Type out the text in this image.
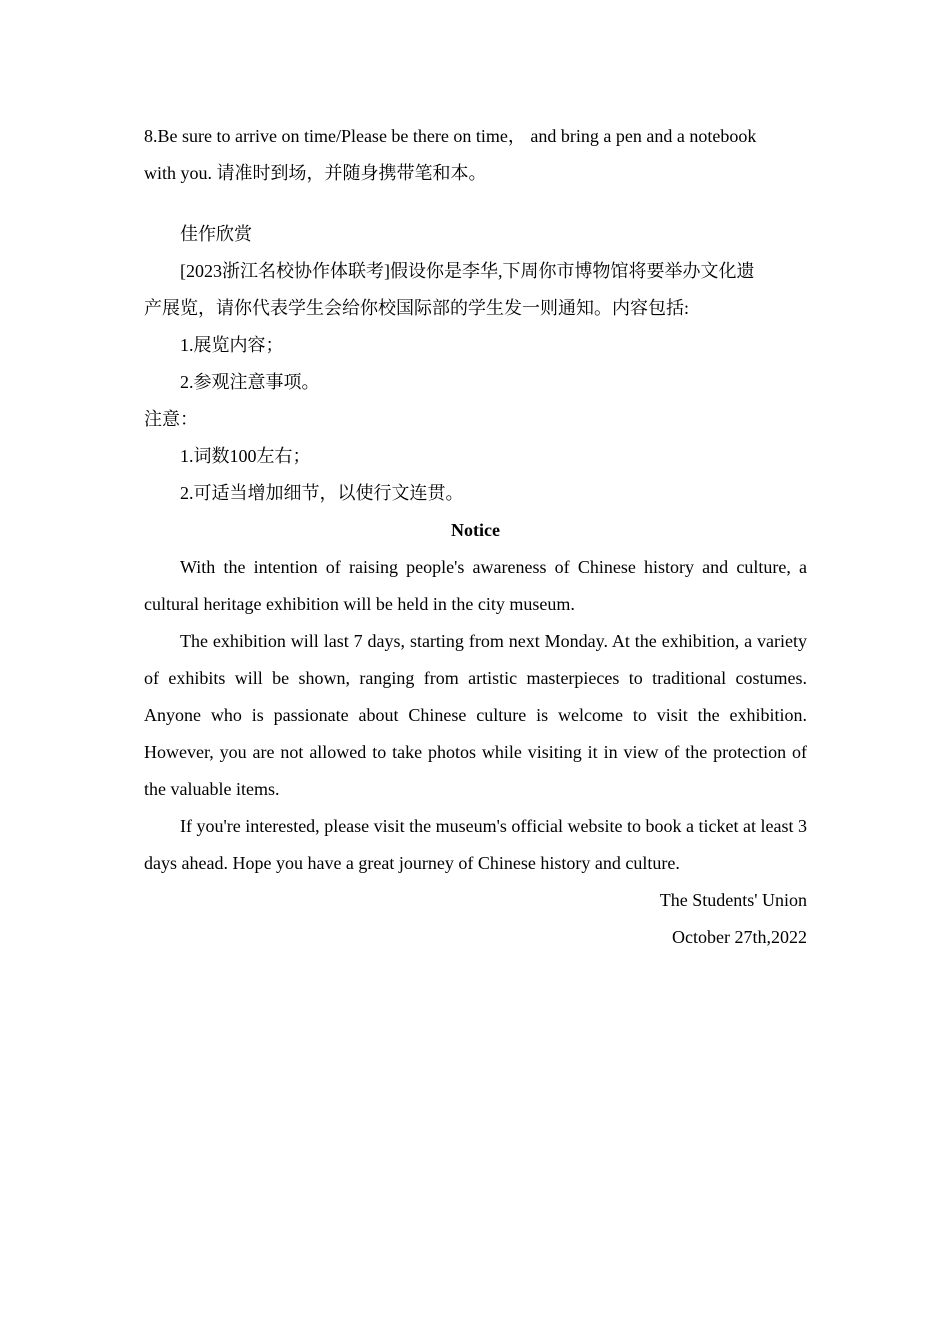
8.Be sure to arrive on time/Please be there on time， and bring a pen and a notebook

with you. 请准时到场，并随身携带笔和本。

佳作欣赏

[2023浙江名校协作体联考]假设你是李华,下周你市博物馆将要举办文化遗

产展览，请你代表学生会给你校国际部的学生发一则通知。内容包括:

1.展览内容；

2.参观注意事项。

注意：

1.词数100左右；

2.可适当增加细节，以使行文连贯。

Notice

With the intention of raising people's awareness of Chinese history and culture, a cultural heritage exhibition will be held in the city museum.

The exhibition will last 7 days, starting from next Monday. At the exhibition, a variety of exhibits will be shown, ranging from artistic masterpieces to traditional costumes. Anyone who is passionate about Chinese culture is welcome to visit the exhibition. However, you are not allowed to take photos while visiting it in view of the protection of the valuable items.

If you're interested, please visit the museum's official website to book a ticket at least 3 days ahead. Hope you have a great journey of Chinese history and culture.

The Students' Union

October 27th,2022
